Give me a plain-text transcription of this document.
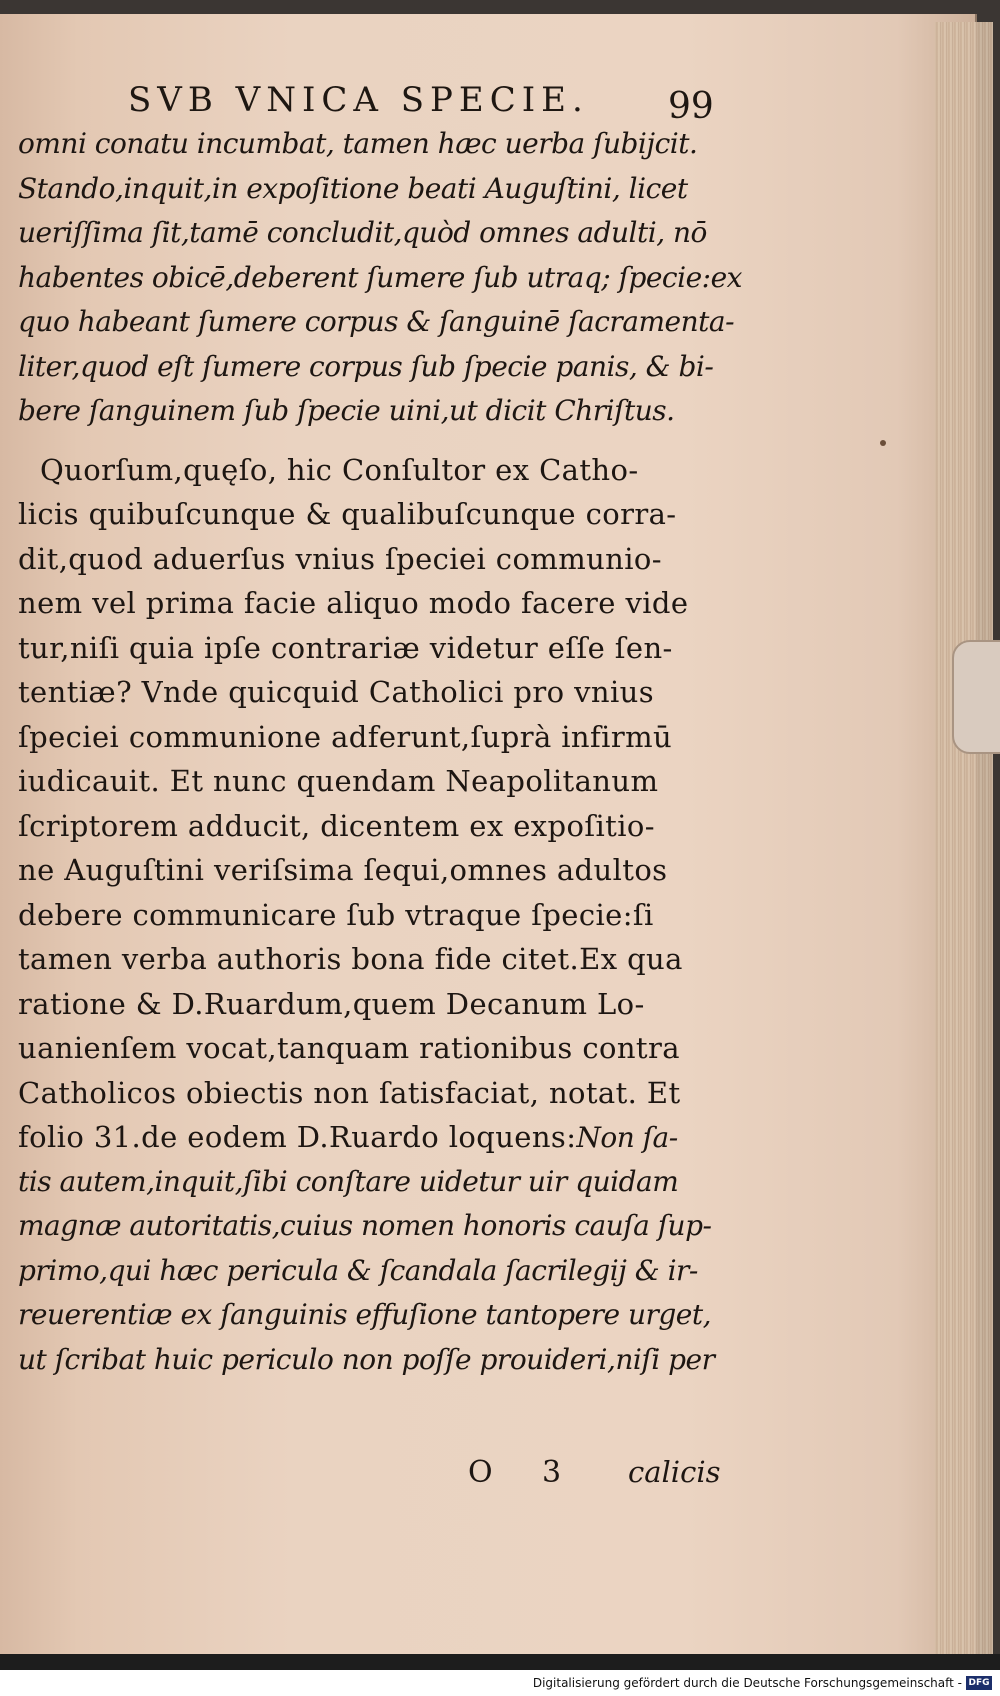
SVB VNICA SPECIE. 99
omni conatu incumbat, tamen hæc uerba ſubijcit.
Stando,inquit,in expoſitione beati Auguſtini, licet
ueriſſima ſit,tamē concludit,quòd omnes adulti, nō
habentes obicē,deberent ſumere ſub utraq; ſpecie:ex
quo habeant ſumere corpus & ſanguinē ſacramenta-
liter,quod eſt ſumere corpus ſub ſpecie panis, & bi-
bere ſanguinem ſub ſpecie uini,ut dicit Chriſtus.
Quorſum,quęſo, hic Conſultor ex Catho-
licis quibuſcunque & qualibuſcunque corra-
dit,quod aduerſus vnius ſpeciei communio-
nem vel prima facie aliquo modo facere vide
tur,niſi quia ipſe contrariæ videtur eſſe ſen-
tentiæ? Vnde quicquid Catholici pro vnius
ſpeciei communione adferunt,ſuprà infirmū
iudicauit. Et nunc quendam Neapolitanum
ſcriptorem adducit, dicentem ex expoſitio-
ne Auguſtini veriſsima ſequi,omnes adultos
debere communicare ſub vtraque ſpecie:ſi
tamen verba authoris bona fide citet.Ex qua
ratione & D.Ruardum,quem Decanum Lo-
uanienſem vocat,tanquam rationibus contra
Catholicos obiectis non ſatisfaciat, notat. Et
folio 31.de eodem D.Ruardo loquens:Non ſa-
tis autem,inquit,ſibi conſtare uidetur uir quidam
magnæ autoritatis,cuius nomen honoris cauſa ſup-
primo,qui hæc pericula & ſcandala ſacrilegij & ir-
reuerentiæ ex ſanguinis effuſione tantopere urget,
ut ſcribat huic periculo non poſſe prouideri,niſi per
O 3 calicis
Digitalisierung gefördert durch die Deutsche Forschungsgemeinschaft - DFG
